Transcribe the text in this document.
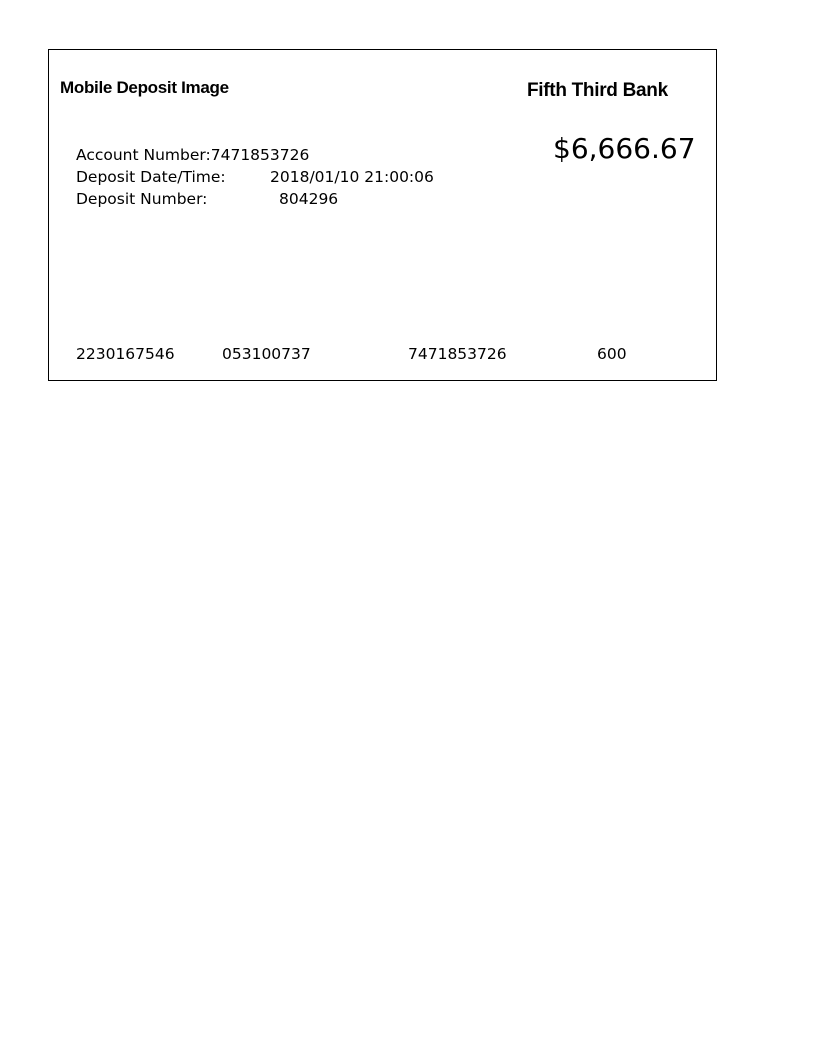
Mobile Deposit Image	Fifth Third Bank
$6,666.67
Account Number:7471853726
Deposit Date/Time:	2018/01/10 21:00:06
Deposit Number:	804296
2230167546	053100737	7471853726	600
